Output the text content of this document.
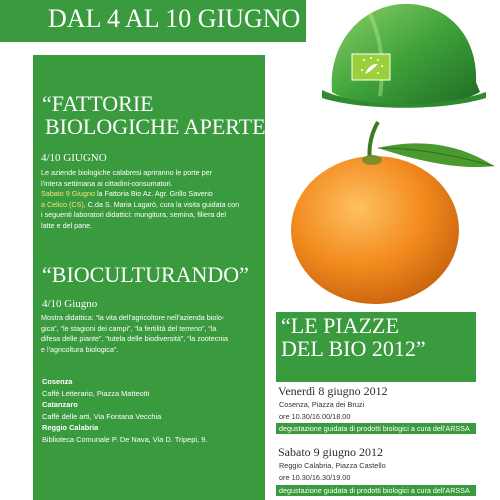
DAL 4 AL 10 GIUGNO 2012
“FATTORIE
BIOLOGICHE APERTE”
4/10 GIUGNO
Le aziende biologiche calabresi apriranno le porte per
l'intera settimana ai cittadini-consumatori.
Sabato 9 Giugno la Fattoria Bio Az. Agr. Grillo Saverio
a Celico (CS), C.da S. Maria Lagarò, cura la visita guidata con
i seguenti laboratori didattici: mungitura, semina, filiera del
latte e del pane.
“BIOCULTURANDO”
4/10 Giugno
Mostra didattica: “la vita dell'agricoltore nell'azienda biolo-
gica”, “le stagioni dei campi”, “la fertilità del terreno”, “la
difesa delle piante”, “tutela delle biodiversità”, “la zootecnia
e l'agricoltura biologica”.
Cosenza
Caffè Letterario, Piazza Matteotti
Catanzaro
Caffè delle arti, Via Fontana Vecchia
Reggio Calabria
Biblioteca Comunale P. De Nava, Via D. Tripepi, 9.
“LE PIAZZE
DEL BIO 2012”
Venerdì 8 giugno 2012
Cosenza, Piazza dei Bruzi
ore 10.30/16.00/18.00
degustazione guidata di prodotti biologici a cura dell'ARSSA
Sabato 9 giugno 2012
Reggio Calabria, Piazza Castello
ore 10.30/16.30/19.00
degustazione guidata di prodotti biologici a cura dell'ARSSA
